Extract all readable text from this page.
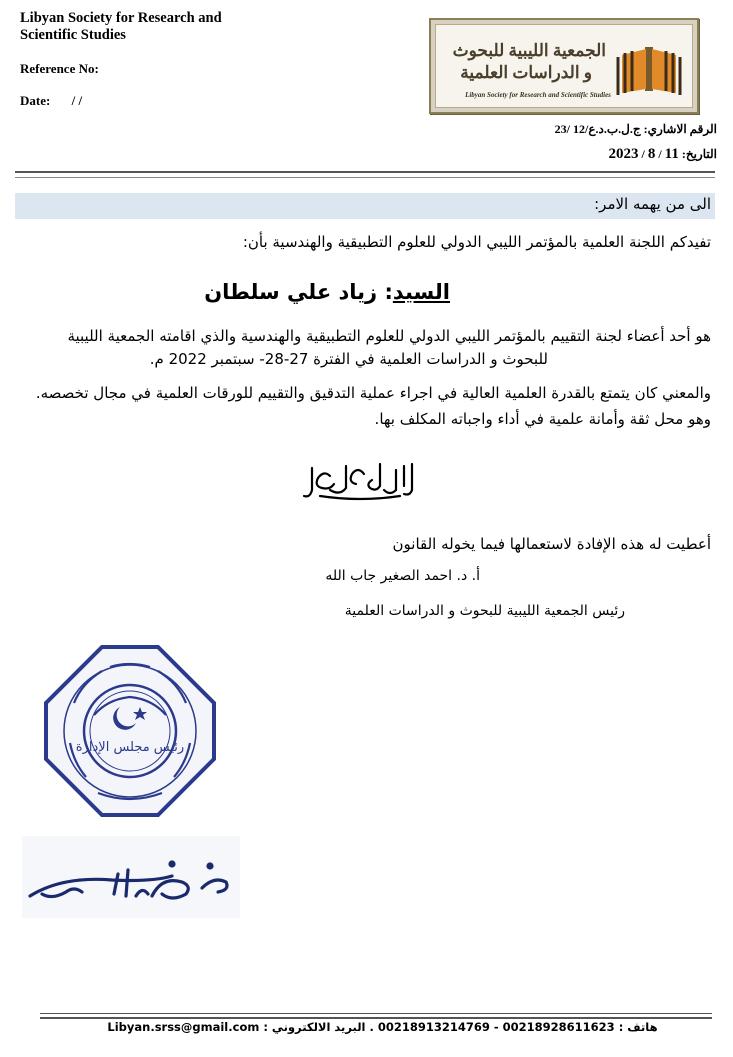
Libyan Society for Research and Scientific Studies
Reference No:
Date: / /
الجمعية الليبية للبحوث
و الدراسات العلمية
Libyan Society for Research and Scientific Studies
الرقم الاشاري: ج.ل.ب.د.ع/12 /23
التاريخ: 11 / 8 / 2023
الى من يهمه الامر:
تفيدكم اللجنة العلمية بالمؤتمر الليبي الدولي للعلوم التطبيقية والهندسية بأن:
السيد: زياد علي سلطان
هو أحد أعضاء لجنة التقييم بالمؤتمر الليبي الدولي للعلوم التطبيقية والهندسية والذي اقامته الجمعية الليبية
للبحوث و الدراسات العلمية في الفترة 27-28- سبتمبر 2022 م.
والمعني كان يتمتع بالقدرة العلمية العالية في اجراء عملية التدقيق والتقييم للورقات العلمية في مجال تخصصه.
وهو محل ثقة وأمانة علمية في أداء واجباته المكلف بها.
أعطيت له هذه الإفادة لاستعمالها فيما يخوله القانون
أ. د. احمد الصغير جاب الله
رئيس الجمعية الليبية للبحوث و الدراسات العلمية
رئيس مجلس الإدارة
هاتف : 00218928611623 - 00218913214769 . البريد الالكتروني : Libyan.srss@gmail.com
